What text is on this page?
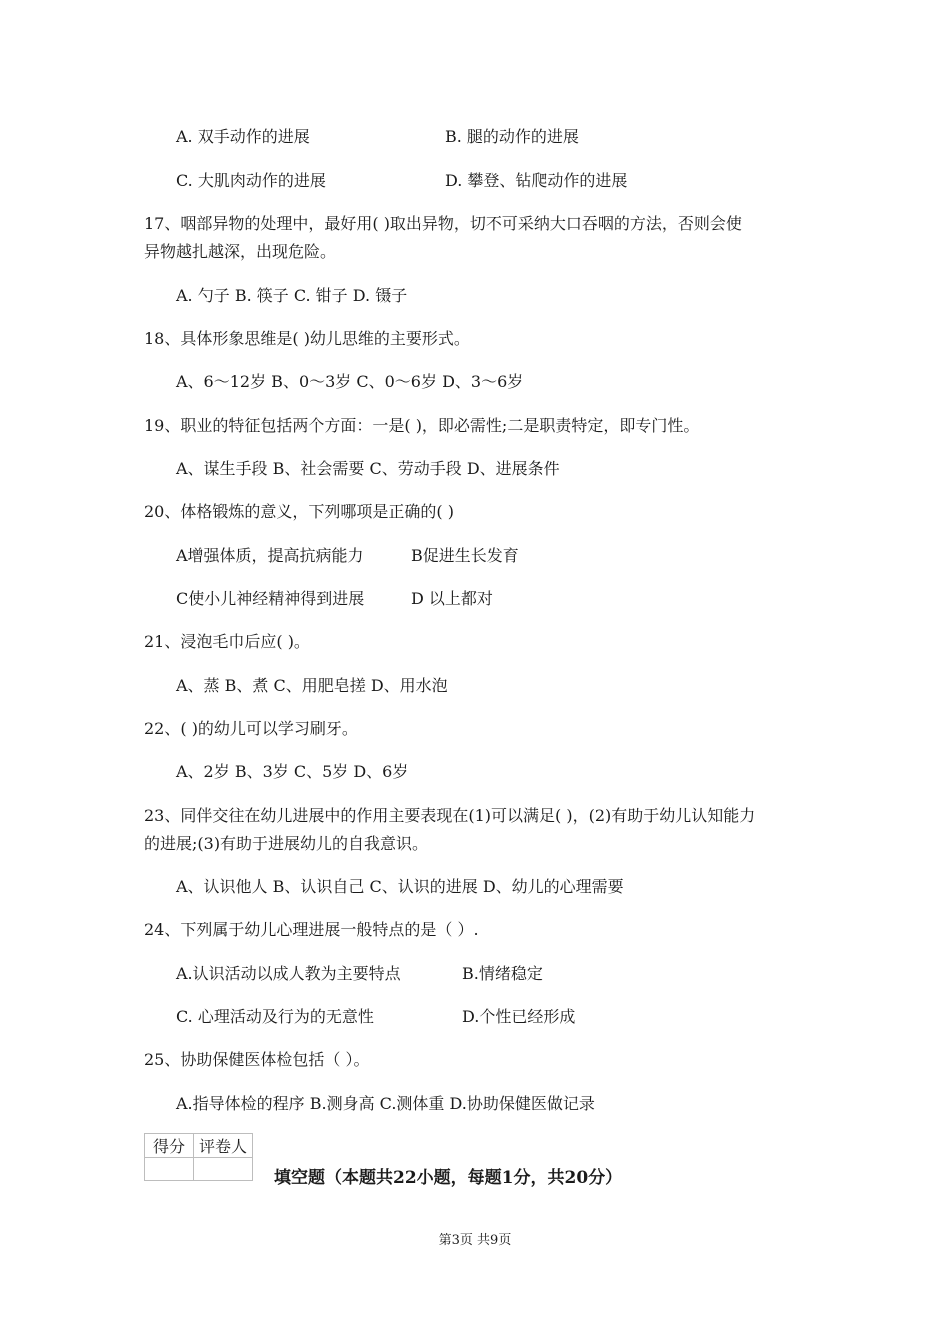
A. 双手动作的进展	B. 腿的动作的进展
C. 大肌肉动作的进展	D. 攀登、钻爬动作的进展
17、咽部异物的处理中，最好用( )取出异物，切不可采纳大口吞咽的方法，否则会使
异物越扎越深，出现危险。
A. 勺子 B. 筷子 C. 钳子 D. 镊子
18、具体形象思维是( )幼儿思维的主要形式。
A、6～12岁 B、0～3岁 C、0～6岁 D、3～6岁
19、职业的特征包括两个方面：一是( )，即必需性;二是职责特定，即专门性。
A、谋生手段 B、社会需要 C、劳动手段 D、进展条件
20、体格锻炼的意义，下列哪项是正确的( )
A增强体质，提高抗病能力	B促进生长发育
C使小儿神经精神得到进展	D 以上都对
21、浸泡毛巾后应( )。
A、蒸 B、煮 C、用肥皂搓 D、用水泡
22、( )的幼儿可以学习刷牙。
A、2岁 B、3岁 C、5岁 D、6岁
23、同伴交往在幼儿进展中的作用主要表现在(1)可以满足( )，(2)有助于幼儿认知能力
的进展;(3)有助于进展幼儿的自我意识。
A、认识他人 B、认识自己 C、认识的进展 D、幼儿的心理需要
24、下列属于幼儿心理进展一般特点的是（ ）.
A.认识活动以成人教为主要特点	B.情绪稳定
C. 心理活动及行为的无意性	D.个性已经形成
25、协助保健医体检包括（ ）。
A.指导体检的程序 B.测身高 C.测体重 D.协助保健医做记录
得分	评卷人

填空题（本题共22小题，每题1分，共20分）
第3页 共9页
